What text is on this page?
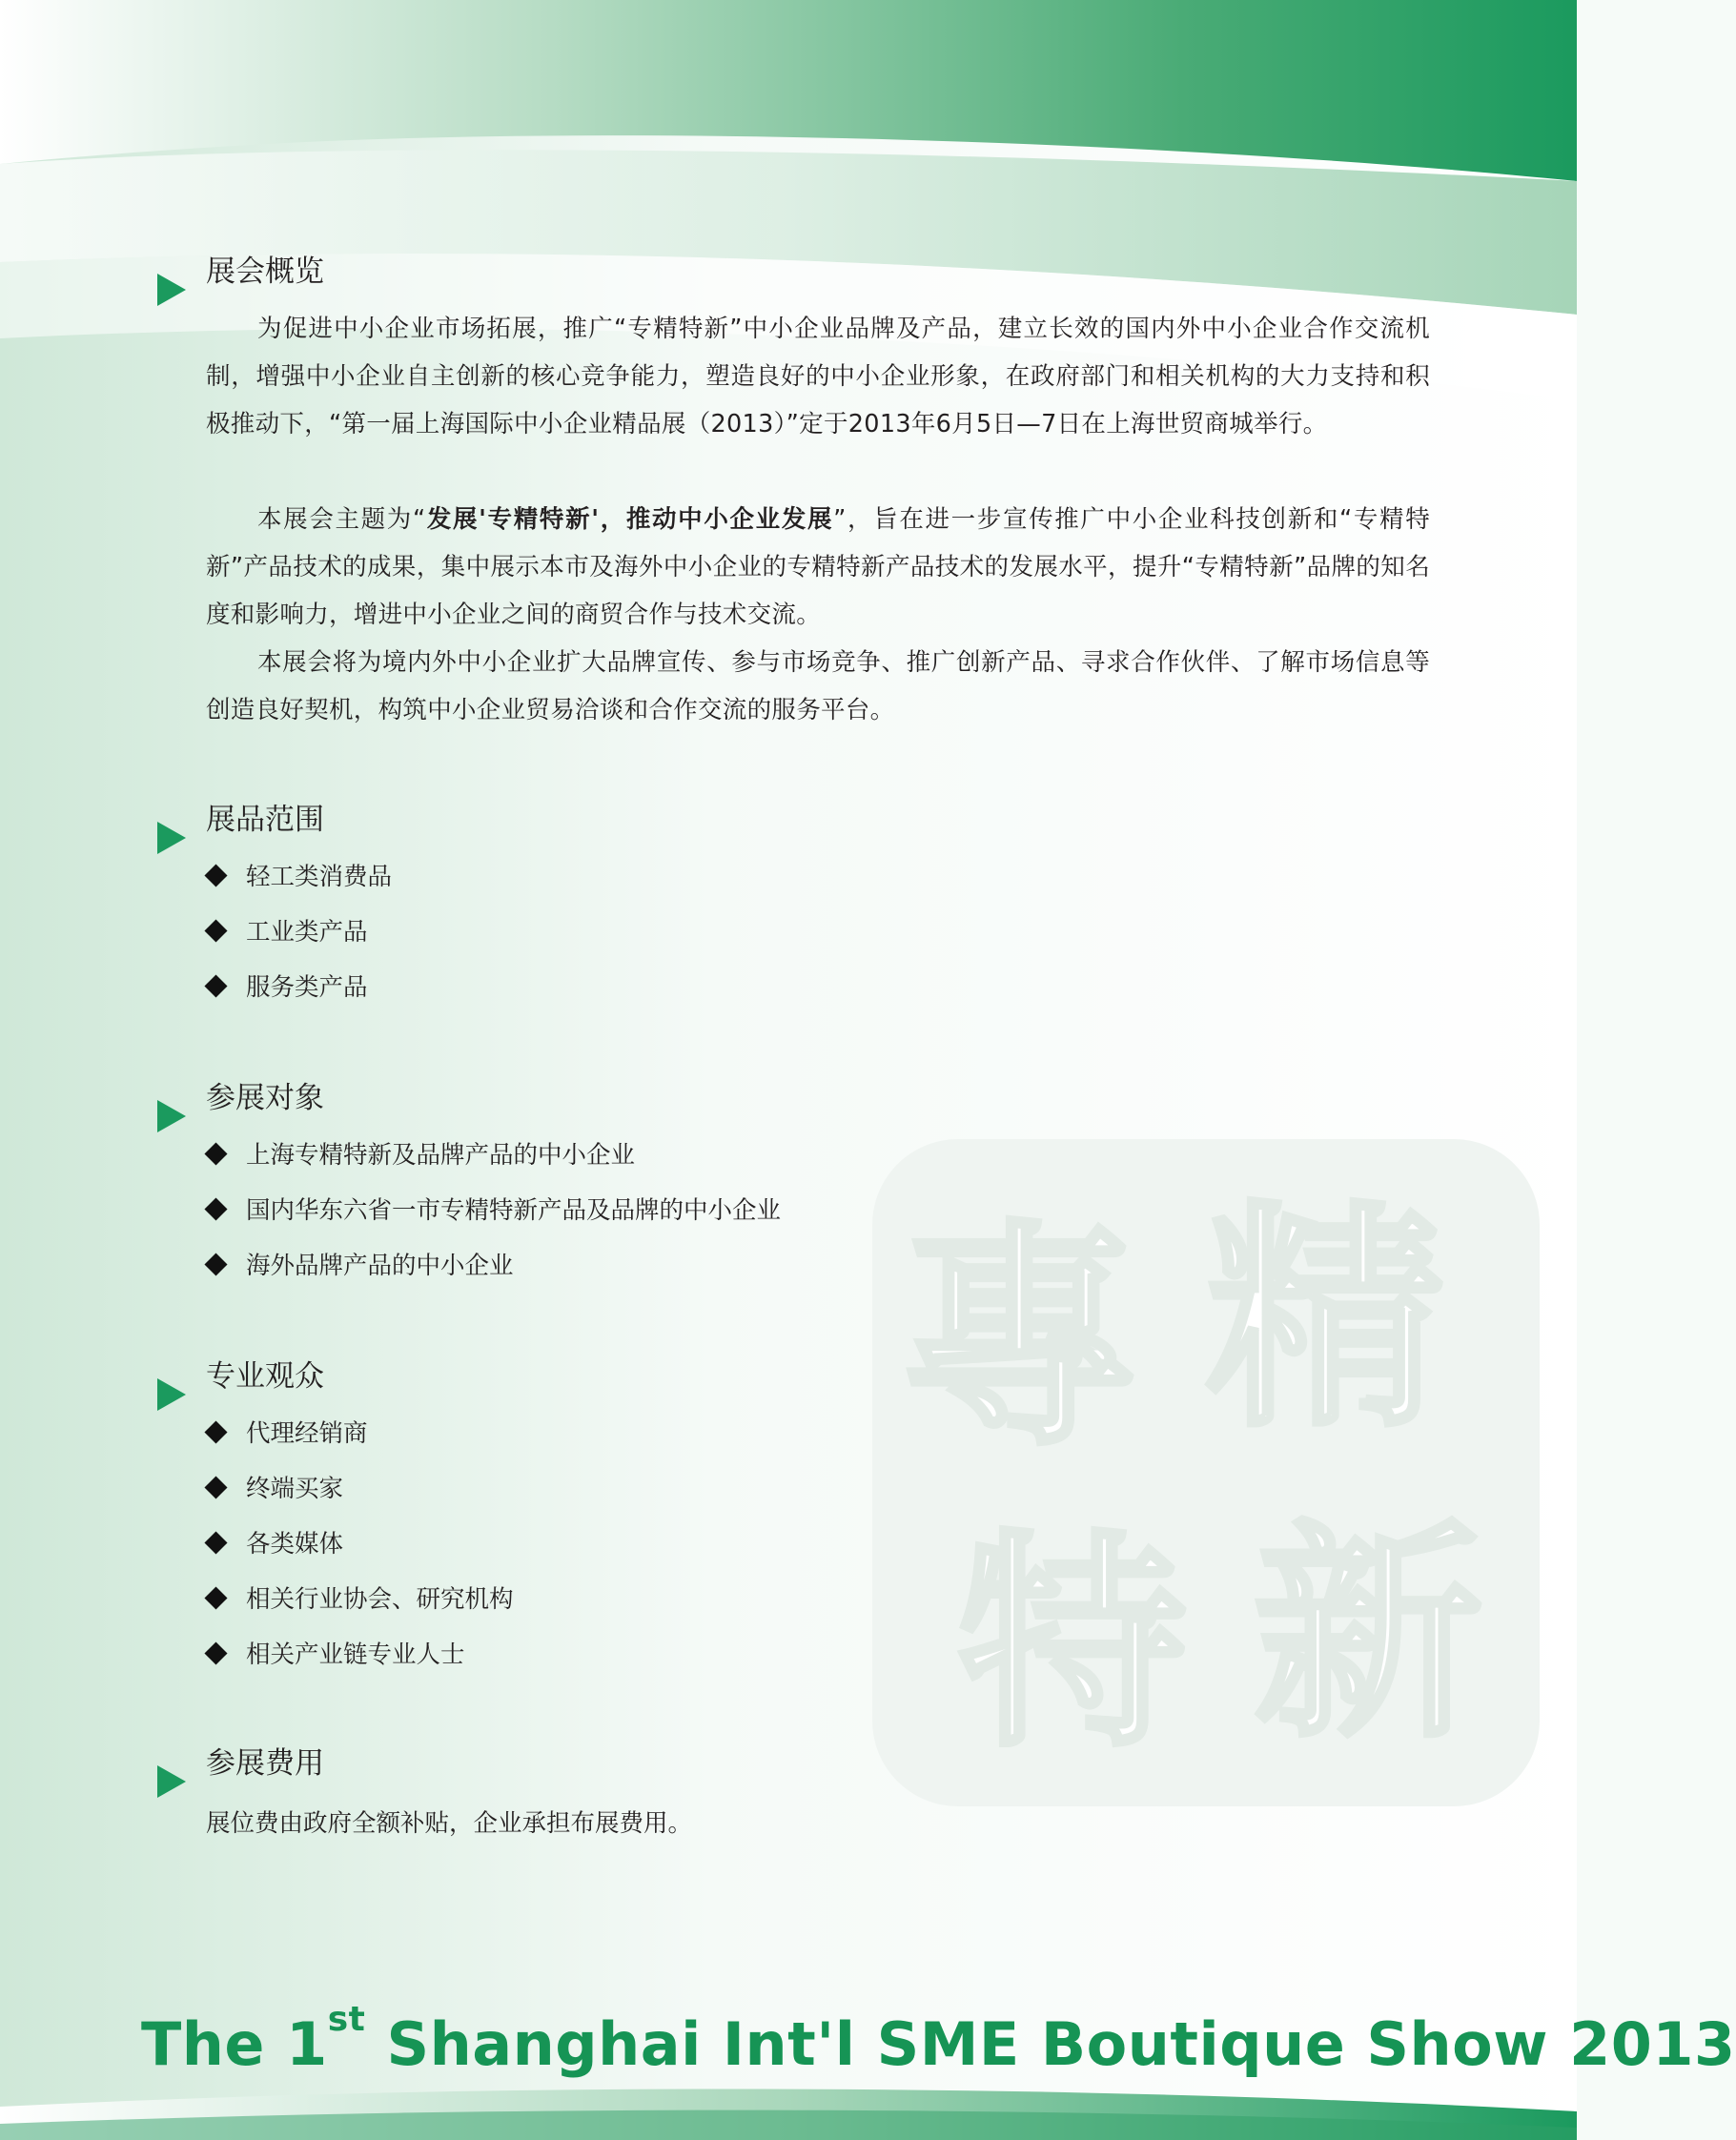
專 精
特 新
展会概览

为促进中小企业市场拓展，推广“专精特新”中小企业品牌及产品，建立长效的国内外中小企业合作交流机制，增强中小企业自主创新的核心竞争能力，塑造良好的中小企业形象，在政府部门和相关机构的大力支持和积极推动下，“第一届上海国际中小企业精品展（2013）”定于2013年6月5日—7日在上海世贸商城举行。

本展会主题为“发展'专精特新'，推动中小企业发展”，旨在进一步宣传推广中小企业科技创新和“专精特新”产品技术的成果，集中展示本市及海外中小企业的专精特新产品技术的发展水平，提升“专精特新”品牌的知名度和影响力，增进中小企业之间的商贸合作与技术交流。

本展会将为境内外中小企业扩大品牌宣传、参与市场竞争、推广创新产品、寻求合作伙伴、了解市场信息等创造良好契机，构筑中小企业贸易洽谈和合作交流的服务平台。

展品范围
轻工类消费品
工业类产品
服务类产品
参展对象
上海专精特新及品牌产品的中小企业
国内华东六省一市专精特新产品及品牌的中小企业
海外品牌产品的中小企业
专业观众
代理经销商
终端买家
各类媒体
相关行业协会、研究机构
相关产业链专业人士
参展费用

展位费由政府全额补贴，企业承担布展费用。

The 1st Shanghai Int'l SME Boutique Show 2013
